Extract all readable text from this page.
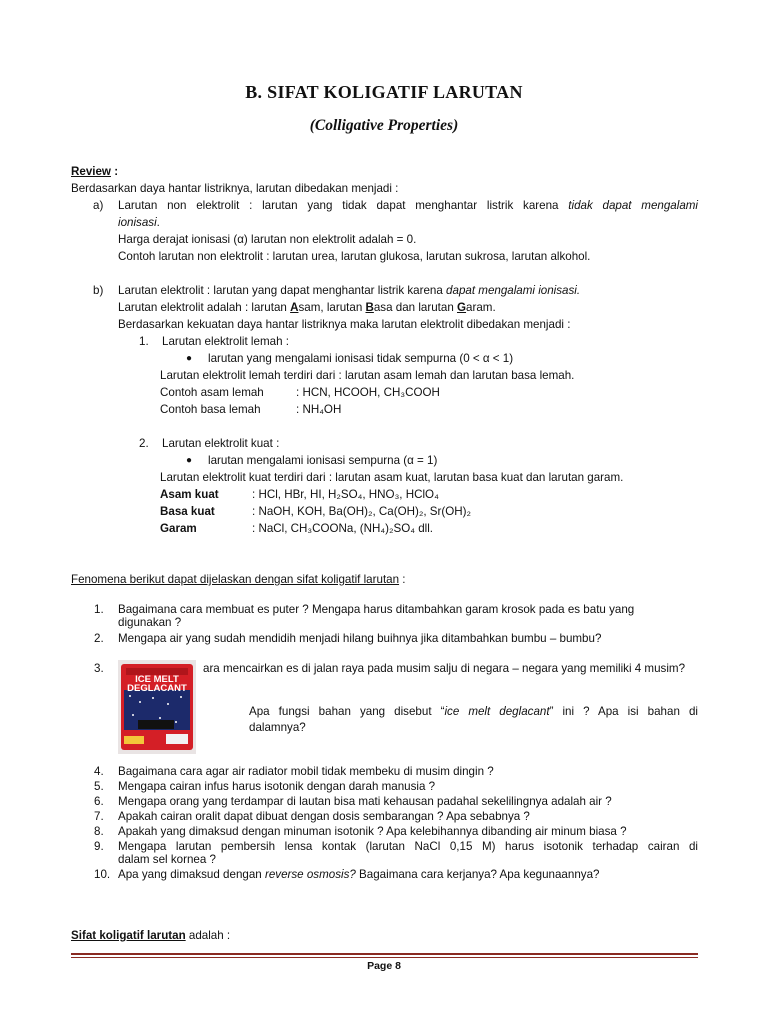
B. SIFAT KOLIGATIF LARUTAN
(Colligative Properties)
Review :
Berdasarkan daya hantar listriknya, larutan dibedakan menjadi :
a) Larutan non elektrolit : larutan yang tidak dapat menghantar listrik karena tidak dapat mengalami
ionisasi.
Harga derajat ionisasi (α) larutan non elektrolit adalah = 0.
Contoh larutan non elektrolit : larutan urea, larutan glukosa, larutan sukrosa, larutan alkohol.
b) Larutan elektrolit : larutan yang dapat menghantar listrik karena dapat mengalami ionisasi.
Larutan elektrolit adalah : larutan Asam, larutan Basa dan larutan Garam.
Berdasarkan kekuatan daya hantar listriknya maka larutan elektrolit dibedakan menjadi :
1. Larutan elektrolit lemah :
● larutan yang mengalami ionisasi tidak sempurna (0 < α < 1)
Larutan elektrolit lemah terdiri dari : larutan asam lemah dan larutan basa lemah.
Contoh asam lemah	: HCN, HCOOH, CH₃COOH
Contoh basa lemah	: NH₄OH
2. Larutan elektrolit kuat :
● larutan mengalami ionisasi sempurna (α = 1)
Larutan elektrolit kuat terdiri dari : larutan asam kuat, larutan basa kuat dan larutan garam.
Asam kuat	: HCl, HBr, HI, H₂SO₄, HNO₃, HClO₄
Basa kuat	: NaOH, KOH, Ba(OH)₂, Ca(OH)₂, Sr(OH)₂
Garam	: NaCl, CH₃COONa, (NH₄)₂SO₄ dll.
Fenomena berikut dapat dijelaskan dengan sifat koligatif larutan :
1. Bagaimana cara membuat es puter ? Mengapa harus ditambahkan garam krosok pada es batu yang
digunakan ?
2. Mengapa air yang sudah mendidih menjadi hilang buihnya jika ditambahkan bumbu – bumbu?
3.	ara mencairkan es di jalan raya pada musim salju di negara – negara yang memiliki 4 musim?
ICE MELT
DEGLACANT
Apa fungsi bahan yang disebut “ice melt deglacant” ini ? Apa isi bahan di
dalamnya?
4. Bagaimana cara agar air radiator mobil tidak membeku di musim dingin ?
5. Mengapa cairan infus harus isotonik dengan darah manusia ?
6. Mengapa orang yang terdampar di lautan bisa mati kehausan padahal sekelilingnya adalah air ?
7. Apakah cairan oralit dapat dibuat dengan dosis sembarangan ? Apa sebabnya ?
8. Apakah yang dimaksud dengan minuman isotonik ? Apa kelebihannya dibanding air minum biasa ?
9. Mengapa larutan pembersih lensa kontak (larutan NaCl 0,15 M) harus isotonik terhadap cairan di
dalam sel kornea ?
10. Apa yang dimaksud dengan reverse osmosis? Bagaimana cara kerjanya? Apa kegunaannya?
Sifat koligatif larutan adalah :
Page 8
